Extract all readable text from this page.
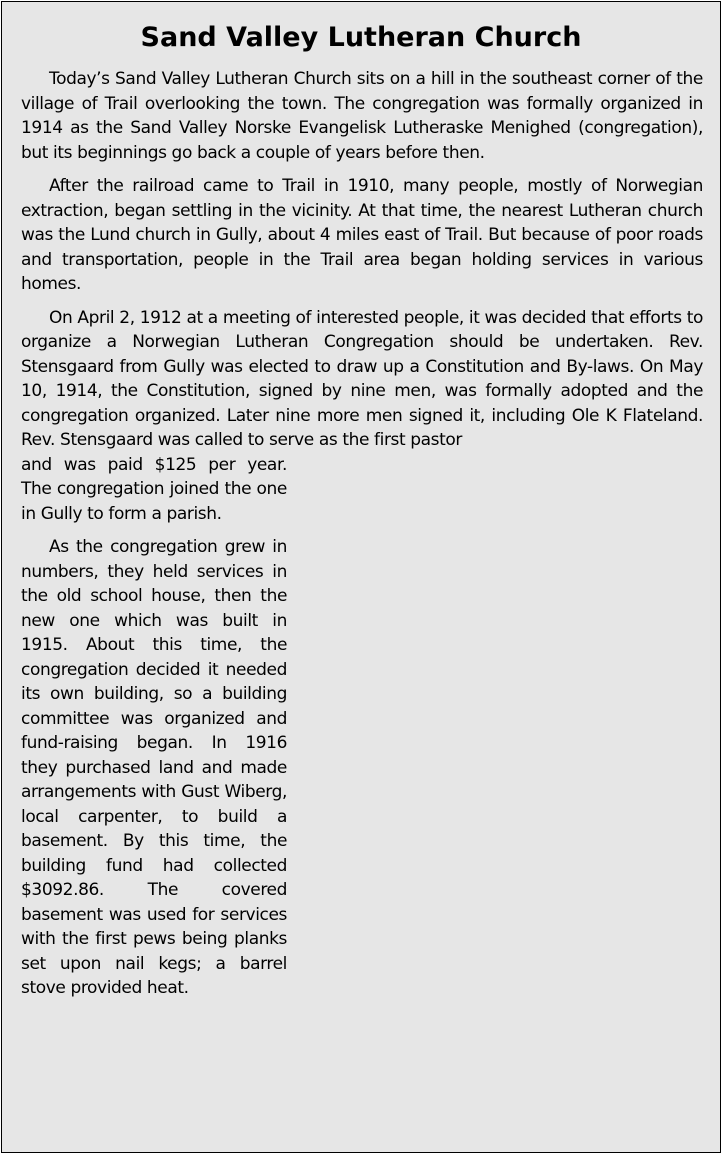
Sand Valley Lutheran Church

Today’s Sand Valley Lutheran Church sits on a hill in the southeast corner of the village of Trail overlooking the town. The congregation was formally organized in 1914 as the Sand Valley Norske Evangelisk Lutheraske Menighed (congregation), but its beginnings go back a couple of years before then.

After the railroad came to Trail in 1910, many people, mostly of Norwegian extraction, began settling in the vicinity. At that time, the nearest Lutheran church was the Lund church in Gully, about 4 miles east of Trail. But because of poor roads and transportation, people in the Trail area began holding services in various homes.

On April 2, 1912 at a meeting of interested people, it was decided that efforts to organize a Norwegian Lutheran Congregation should be undertaken. Rev. Stensgaard from Gully was elected to draw up a Constitution and By-laws. On May 10, 1914, the Constitution, signed by nine men, was formally adopted and the congregation organized. Later nine more men signed it, including Ole K Flateland. Rev. Stensgaard was called to serve as the first pastor

and was paid $125 per year. The congregation joined the one in Gully to form a parish.

As the congregation grew in numbers, they held services in the old school house, then the new one which was built in 1915. About this time, the congregation decided it needed its own building, so a building committee was organized and fund-raising began. In 1916 they purchased land and made arrangements with Gust Wiberg, local carpenter, to build a basement. By this time, the building fund had collected $3092.86. The covered basement was used for services with the first pews being planks set upon nail kegs; a barrel stove provided heat.
